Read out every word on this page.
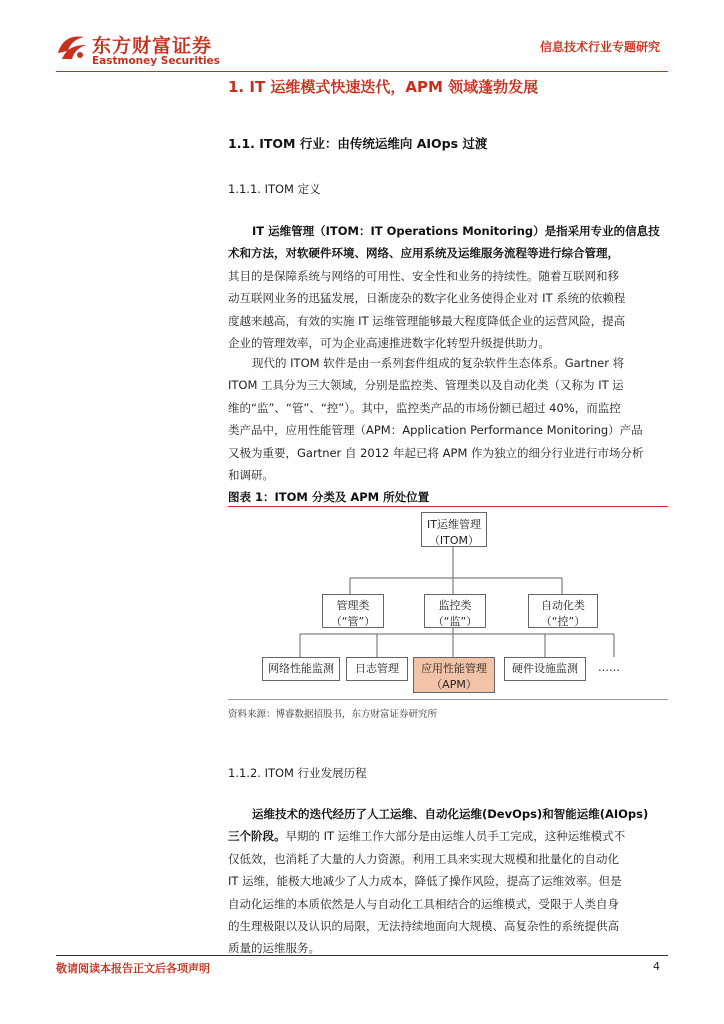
东方财富证券
Eastmoney Securities
信息技术行业专题研究
1. IT 运维模式快速迭代，APM 领域蓬勃发展
1.1. ITOM 行业：由传统运维向 AIOps 过渡
1.1.1. ITOM 定义
IT 运维管理（ITOM：IT Operations Monitoring）是指采用专业的信息技
术和方法，对软硬件环境、网络、应用系统及运维服务流程等进行综合管理，
其目的是保障系统与网络的可用性、安全性和业务的持续性。随着互联网和移
动互联网业务的迅猛发展，日渐庞杂的数字化业务使得企业对 IT 系统的依赖程
度越来越高，有效的实施 IT 运维管理能够最大程度降低企业的运营风险，提高
企业的管理效率，可为企业高速推进数字化转型升级提供助力。
现代的 ITOM 软件是由一系列套件组成的复杂软件生态体系。Gartner 将
ITOM 工具分为三大领域，分别是监控类、管理类以及自动化类（又称为 IT 运
维的“监”、“管”、“控”）。其中，监控类产品的市场份额已超过 40%，而监控
类产品中，应用性能管理（APM：Application Performance Monitoring）产品
又极为重要，Gartner 自 2012 年起已将 APM 作为独立的细分行业进行市场分析
和调研。
图表 1：ITOM 分类及 APM 所处位置
IT运维管理
（ITOM）
管理类
（“管”）
监控类
（“监”）
自动化类
（“控”）
网络性能监测	日志管理	应用性能管理
（APM）
硬件设施监测	……
资料来源：博睿数据招股书，东方财富证券研究所
1.1.2. ITOM 行业发展历程
运维技术的迭代经历了人工运维、自动化运维(DevOps)和智能运维(AIOps)
三个阶段。早期的 IT 运维工作大部分是由运维人员手工完成，这种运维模式不
仅低效，也消耗了大量的人力资源。利用工具来实现大规模和批量化的自动化
IT 运维，能极大地减少了人力成本，降低了操作风险，提高了运维效率。但是
自动化运维的本质依然是人与自动化工具相结合的运维模式，受限于人类自身
的生理极限以及认识的局限，无法持续地面向大规模、高复杂性的系统提供高
质量的运维服务。
敬请阅读本报告正文后各项声明	4
